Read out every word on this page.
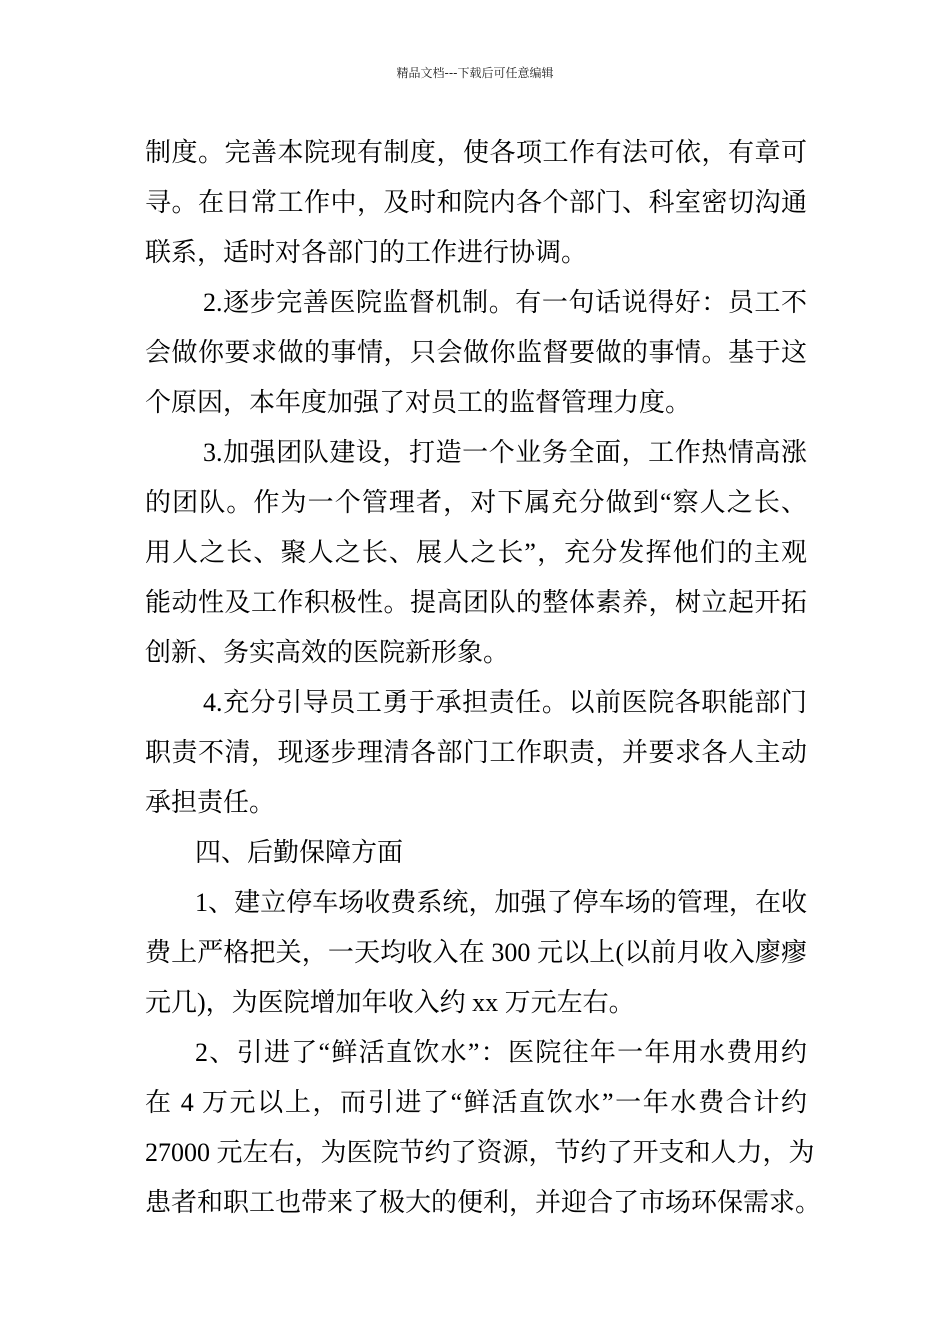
精品文档---下载后可任意编辑
制度。完善本院现有制度，使各项工作有法可依，有章可
寻。在日常工作中，及时和院内各个部门、科室密切沟通
联系，适时对各部门的工作进行协调。
2.逐步完善医院监督机制。有一句话说得好：员工不
会做你要求做的事情，只会做你监督要做的事情。基于这
个原因，本年度加强了对员工的监督管理力度。
3.加强团队建设，打造一个业务全面，工作热情高涨
的团队。作为一个管理者，对下属充分做到“察人之长、
用人之长、聚人之长、展人之长”，充分发挥他们的主观
能动性及工作积极性。提高团队的整体素养，树立起开拓
创新、务实高效的医院新形象。
4.充分引导员工勇于承担责任。以前医院各职能部门
职责不清，现逐步理清各部门工作职责，并要求各人主动
承担责任。
四、后勤保障方面
1、建立停车场收费系统，加强了停车场的管理，在收
费上严格把关，一天均收入在 300 元以上(以前月收入廖瘳
元几)，为医院增加年收入约 xx 万元左右。
2、引进了“鲜活直饮水”：医院往年一年用水费用约
在 4 万元以上，而引进了“鲜活直饮水”一年水费合计约
27000 元左右，为医院节约了资源，节约了开支和人力，为
患者和职工也带来了极大的便利，并迎合了市场环保需求。
